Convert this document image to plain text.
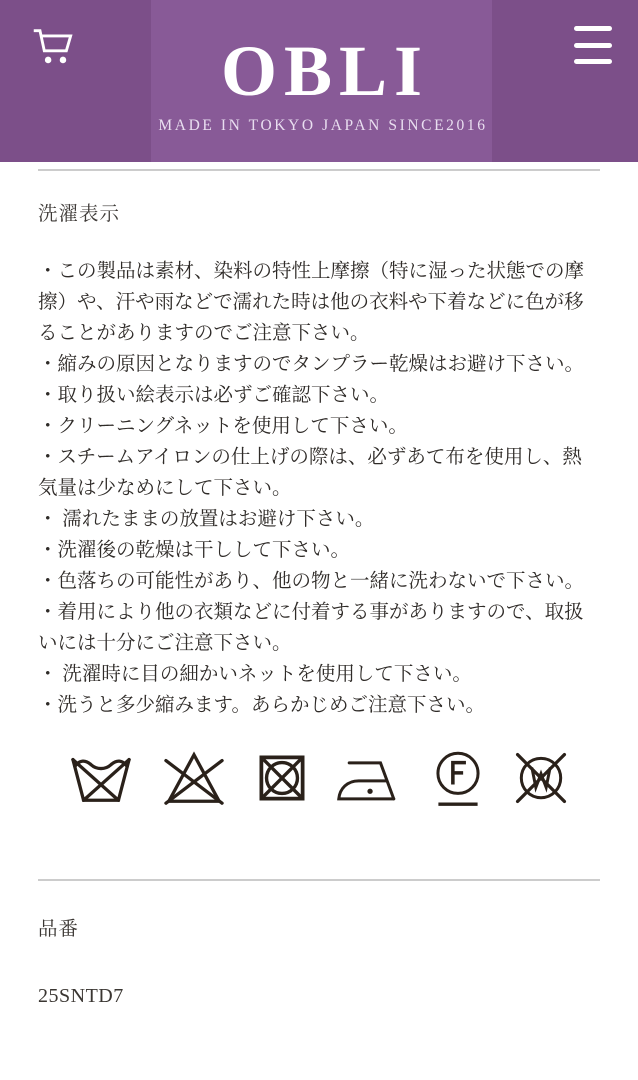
OBLI
MADE IN TOKYO JAPAN SINCE2016
洗濯表示

・この製品は素材、染料の特性上摩擦（特に湿った状態での摩擦）や、汗や雨などで濡れた時は他の衣料や下着などに色が移ることがありますのでご注意下さい。

・縮みの原因となりますのでタンプラー乾燥はお避け下さい。

・取り扱い絵表示は必ずご確認下さい。

・クリーニングネットを使用して下さい。

・スチームアイロンの仕上げの際は、必ずあて布を使用し、熱気量は少なめにして下さい。

・ 濡れたままの放置はお避け下さい。

・洗濯後の乾燥は干しして下さい。

・色落ちの可能性があり、他の物と一緒に洗わないで下さい。

・着用により他の衣類などに付着する事がありますので、取扱いには十分にご注意下さい。

・ 洗濯時に目の細かいネットを使用して下さい。

・洗うと多少縮みます。あらかじめご注意下さい。

品番
25SNTD7
